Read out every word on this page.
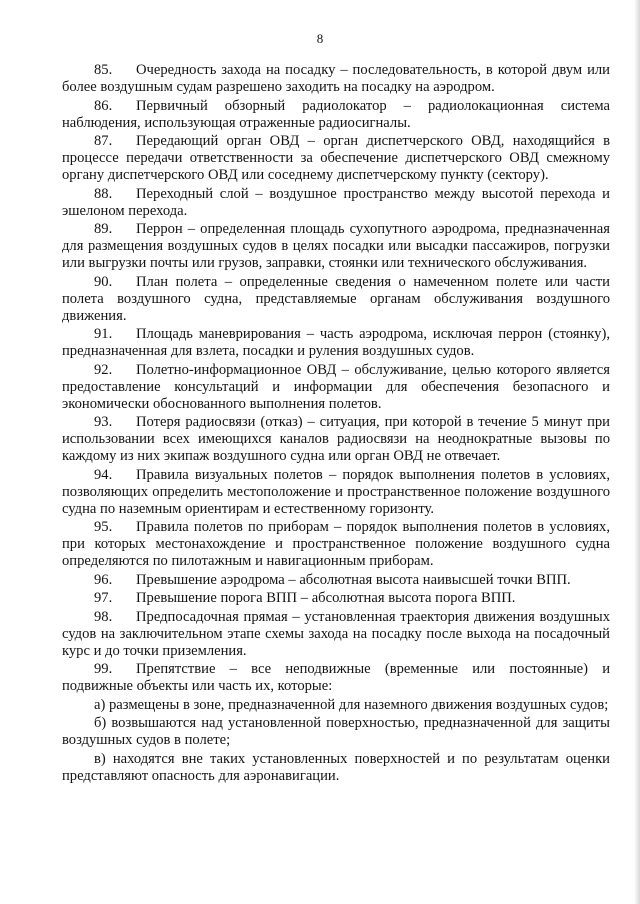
8

85. Очередность захода на посадку – последовательность, в которой двум или более воздушным судам разрешено заходить на посадку на аэродром.

86. Первичный обзорный радиолокатор – радиолокационная система наблюдения, использующая отраженные радиосигналы.

87. Передающий орган ОВД – орган диспетчерского ОВД, находящийся в процессе передачи ответственности за обеспечение диспетчерского ОВД смежному органу диспетчерского ОВД или соседнему диспетчерскому пункту (сектору).

88. Переходный слой – воздушное пространство между высотой перехода и эшелоном перехода.

89. Перрон – определенная площадь сухопутного аэродрома, предназначенная для размещения воздушных судов в целях посадки или высадки пассажиров, погрузки или выгрузки почты или грузов, заправки, стоянки или технического обслуживания.

90. План полета – определенные сведения о намеченном полете или части полета воздушного судна, представляемые органам обслуживания воздушного движения.

91. Площадь маневрирования – часть аэродрома, исключая перрон (стоянку), предназначенная для взлета, посадки и руления воздушных судов.

92. Полетно-информационное ОВД – обслуживание, целью которого является предоставление консультаций и информации для обеспечения безопасного и экономически обоснованного выполнения полетов.

93. Потеря радиосвязи (отказ) – ситуация, при которой в течение 5 минут при использовании всех имеющихся каналов радиосвязи на неоднократные вызовы по каждому из них экипаж воздушного судна или орган ОВД не отвечает.

94. Правила визуальных полетов – порядок выполнения полетов в условиях, позволяющих определить местоположение и пространственное положение воздушного судна по наземным ориентирам и естественному горизонту.

95. Правила полетов по приборам – порядок выполнения полетов в условиях, при которых местонахождение и пространственное положение воздушного судна определяются по пилотажным и навигационным приборам.

96. Превышение аэродрома – абсолютная высота наивысшей точки ВПП.

97. Превышение порога ВПП – абсолютная высота порога ВПП.

98. Предпосадочная прямая – установленная траектория движения воздушных судов на заключительном этапе схемы захода на посадку после выхода на посадочный курс и до точки приземления.

99. Препятствие – все неподвижные (временные или постоянные) и подвижные объекты или часть их, которые:

а) размещены в зоне, предназначенной для наземного движения воздушных судов;

б) возвышаются над установленной поверхностью, предназначенной для защиты воздушных судов в полете;

в) находятся вне таких установленных поверхностей и по результатам оценки представляют опасность для аэронавигации.
